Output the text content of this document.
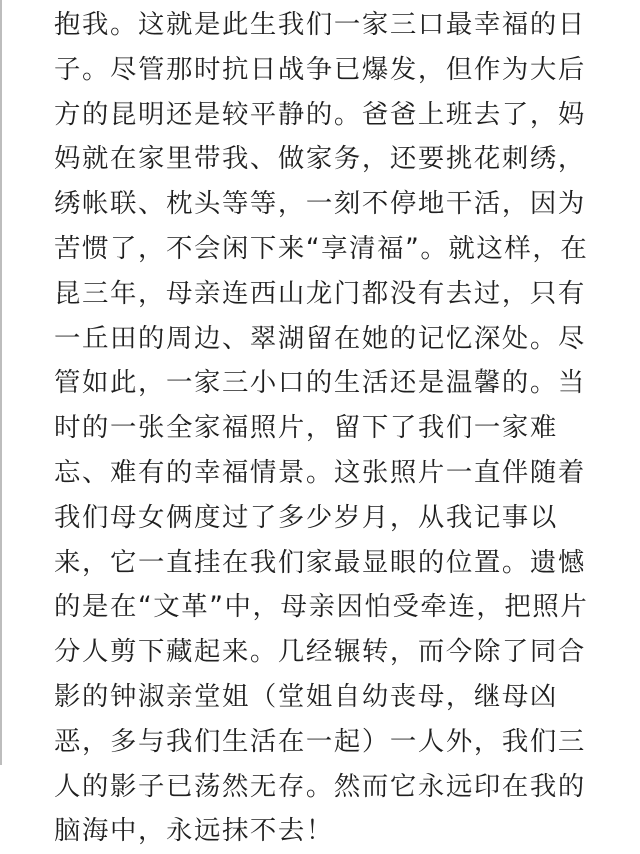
抱我。这就是此生我们一家三口最幸福的日
子。尽管那时抗日战争已爆发，但作为大后
方的昆明还是较平静的。爸爸上班去了，妈
妈就在家里带我、做家务，还要挑花刺绣，
绣帐联、枕头等等，一刻不停地干活，因为
苦惯了，不会闲下来“享清福”。就这样，在
昆三年，母亲连西山龙门都没有去过，只有
一丘田的周边、翠湖留在她的记忆深处。尽
管如此，一家三小口的生活还是温馨的。当
时的一张全家福照片，留下了我们一家难
忘、难有的幸福情景。这张照片一直伴随着
我们母女俩度过了多少岁月，从我记事以
来，它一直挂在我们家最显眼的位置。遗憾
的是在“文革”中，母亲因怕受牵连，把照片
分人剪下藏起来。几经辗转，而今除了同合
影的钟淑亲堂姐（堂姐自幼丧母，继母凶
恶，多与我们生活在一起）一人外，我们三
人的影子已荡然无存。然而它永远印在我的
脑海中，永远抹不去！
